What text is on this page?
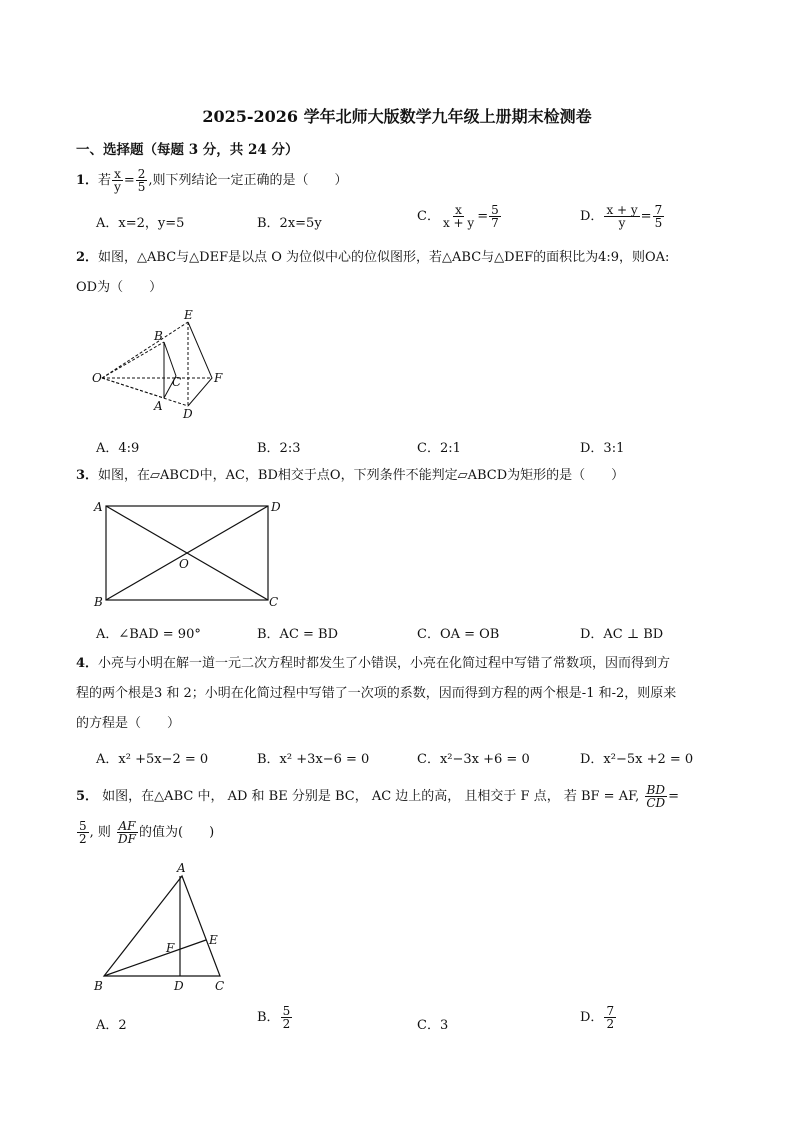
2025-2026 学年北师大版数学九年级上册期末检测卷
一、选择题（每题 3 分，共 24 分）
1．若 $\frac{x}{y} = \frac{2}{5}$ ,则下列结论一定正确的是（　　）
A．x=2，y=5	B．2x=5y	C． $\frac{x}{x + y} = \frac{5}{7}$	D． $\frac{x + y}{y} = \frac{7}{5}$
2．如图，△ABC与△DEF是以点 O 为位似中心的位似图形，若△ABC与△DEF的面积比为4:9，则OA:
OD为（　　）
B
E
O	C	F
A
D
A．4:9	B．2:3	C．2:1	D．3:1
3．如图，在▱ABCD中，AC，BD相交于点O，下列条件不能判定▱ABCD为矩形的是（　　）
A	D
O
B	C
A．∠BAD = 90°	B．AC = BD	C．OA = OB	D．AC ⊥ BD
4．小亮与小明在解一道一元二次方程时都发生了小错误，小亮在化简过程中写错了常数项，因而得到方
程的两个根是3 和 2；小明在化简过程中写错了一次项的系数，因而得到方程的两个根是-1 和-2，则原来
的方程是（　　）
A．x² +5x−2 = 0	B．x² +3x−6 = 0	C．x²−3x +6 = 0	D．x²−5x +2 = 0
5． 如图，在△ABC 中， AD 和 BE 分别是 BC， AC 边上的高， 且相交于 F 点， 若 BF = AF, $\frac{BD}{CD}$ =
$\frac{5}{2}$ , 则 $\frac{AF}{DF}$ 的值为(　　)
A
F
E
B	D	C
A．2
B． $\frac{5}{2}$	C．3
D． $\frac{7}{2}$
